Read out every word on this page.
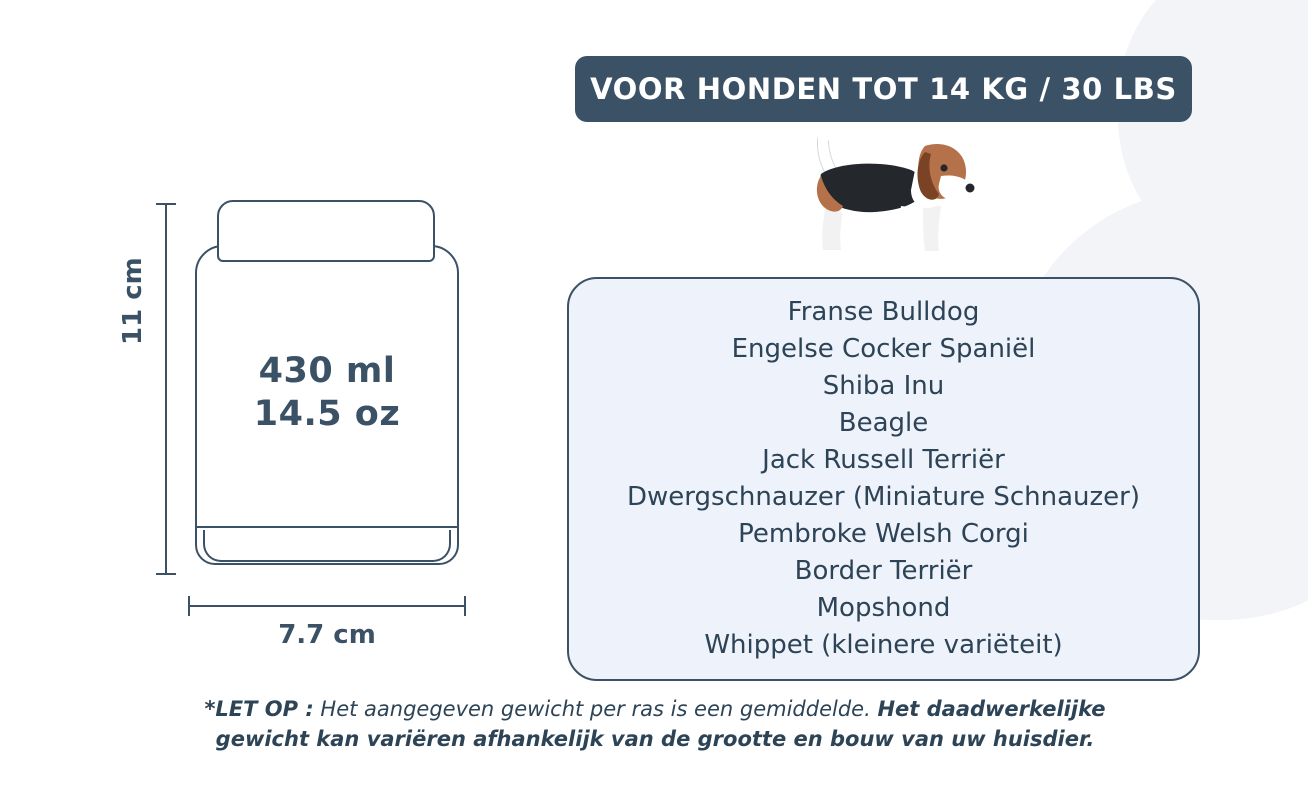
11 cm
430 ml
14.5 oz
7.7 cm
VOOR HONDEN TOT 14 KG / 30 LBS
Franse Bulldog
Engelse Cocker Spaniël
Shiba Inu
Beagle
Jack Russell Terriër
Dwergschnauzer (Miniature Schnauzer)
Pembroke Welsh Corgi
Border Terriër
Mopshond
Whippet (kleinere variëteit)
*LET OP : Het aangegeven gewicht per ras is een gemiddelde. Het daadwerkelijke gewicht kan variëren afhankelijk van de grootte en bouw van uw huisdier.
